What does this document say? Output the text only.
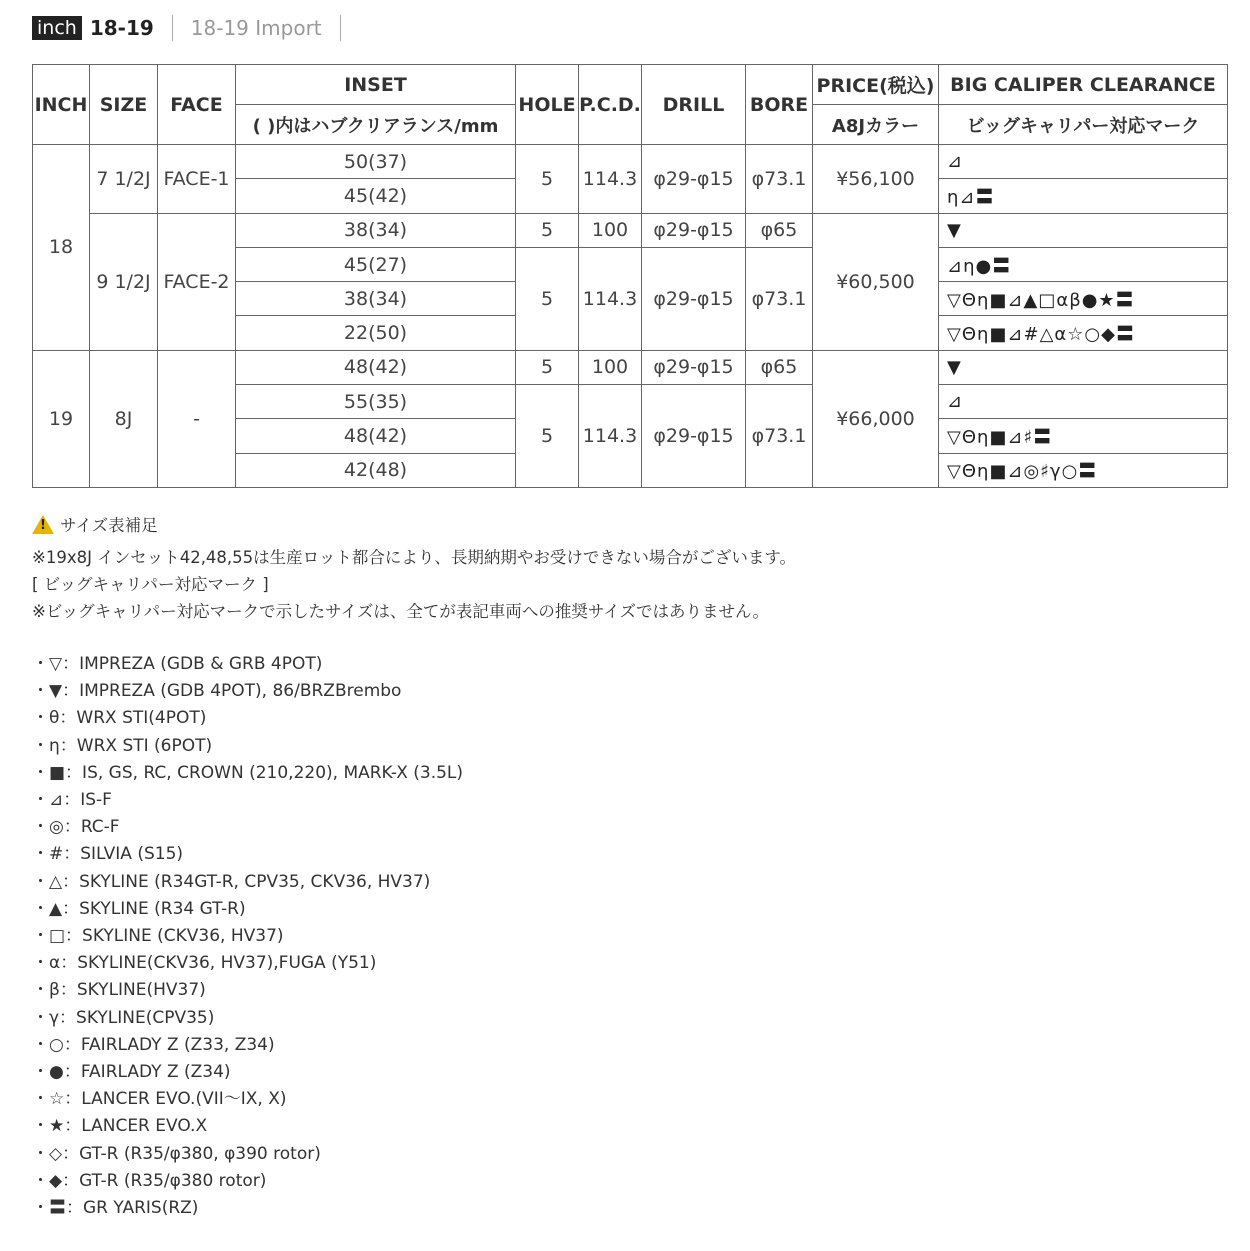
inch 18-19	18-19 Import
INCH	SIZE	FACE	INSET	HOLE	P.C.D.	DRILL	BORE	PRICE(税込)	BIG CALIPER CLEARANCE
			( )内はハブクリアランス/mm					A8Jカラー	ビッグキャリパー対応マーク
18	7 1/2J	FACE-1	50(37)	5	114.3	φ29-φ15	φ73.1	¥56,100	⊿
			45(42)						η⊿〓
	9 1/2J	FACE-2	38(34)	5	100	φ29-φ15	φ65	¥60,500	▼
			45(27)	5	114.3	φ29-φ15	φ73.1		⊿η●〓
			38(34)						▽Θη■⊿▲□αβ●★〓
			22(50)						▽Θη■⊿#△α☆○◆〓
19	8J	-	48(42)	5	100	φ29-φ15	φ65	¥66,000	▼
			55(35)	5	114.3	φ29-φ15	φ73.1		⊿
			48(42)						▽Θη■⊿♯〓
			42(48)						▽Θη■⊿◎♯γ○〓
!
サイズ表補足

※19x8J インセット42,48,55は生産ロット都合により、長期納期やお受けできない場合がございます。

[ ビッグキャリパー対応マーク ]

※ビッグキャリパー対応マークで示したサイズは、全てが表記車両への推奨サイズではありません。

・▽：IMPREZA (GDB & GRB 4POT)
・▼：IMPREZA (GDB 4POT), 86/BRZBrembo
・θ：WRX STI(4POT)
・η：WRX STI (6POT)
・■：IS, GS, RC, CROWN (210,220), MARK-X (3.5L)
・⊿：IS-F
・◎：RC-F
・#：SILVIA (S15)
・△：SKYLINE (R34GT-R, CPV35, CKV36, HV37)
・▲：SKYLINE (R34 GT-R)
・□：SKYLINE (CKV36, HV37)
・α：SKYLINE(CKV36, HV37),FUGA (Y51)
・β：SKYLINE(HV37)
・γ：SKYLINE(CPV35)
・○：FAIRLADY Z (Z33, Z34)
・●：FAIRLADY Z (Z34)
・☆：LANCER EVO.(VII〜IX, X)
・★：LANCER EVO.X
・◇：GT-R (R35/φ380, φ390 rotor)
・◆：GT-R (R35/φ380 rotor)
・〓：GR YARIS(RZ)
